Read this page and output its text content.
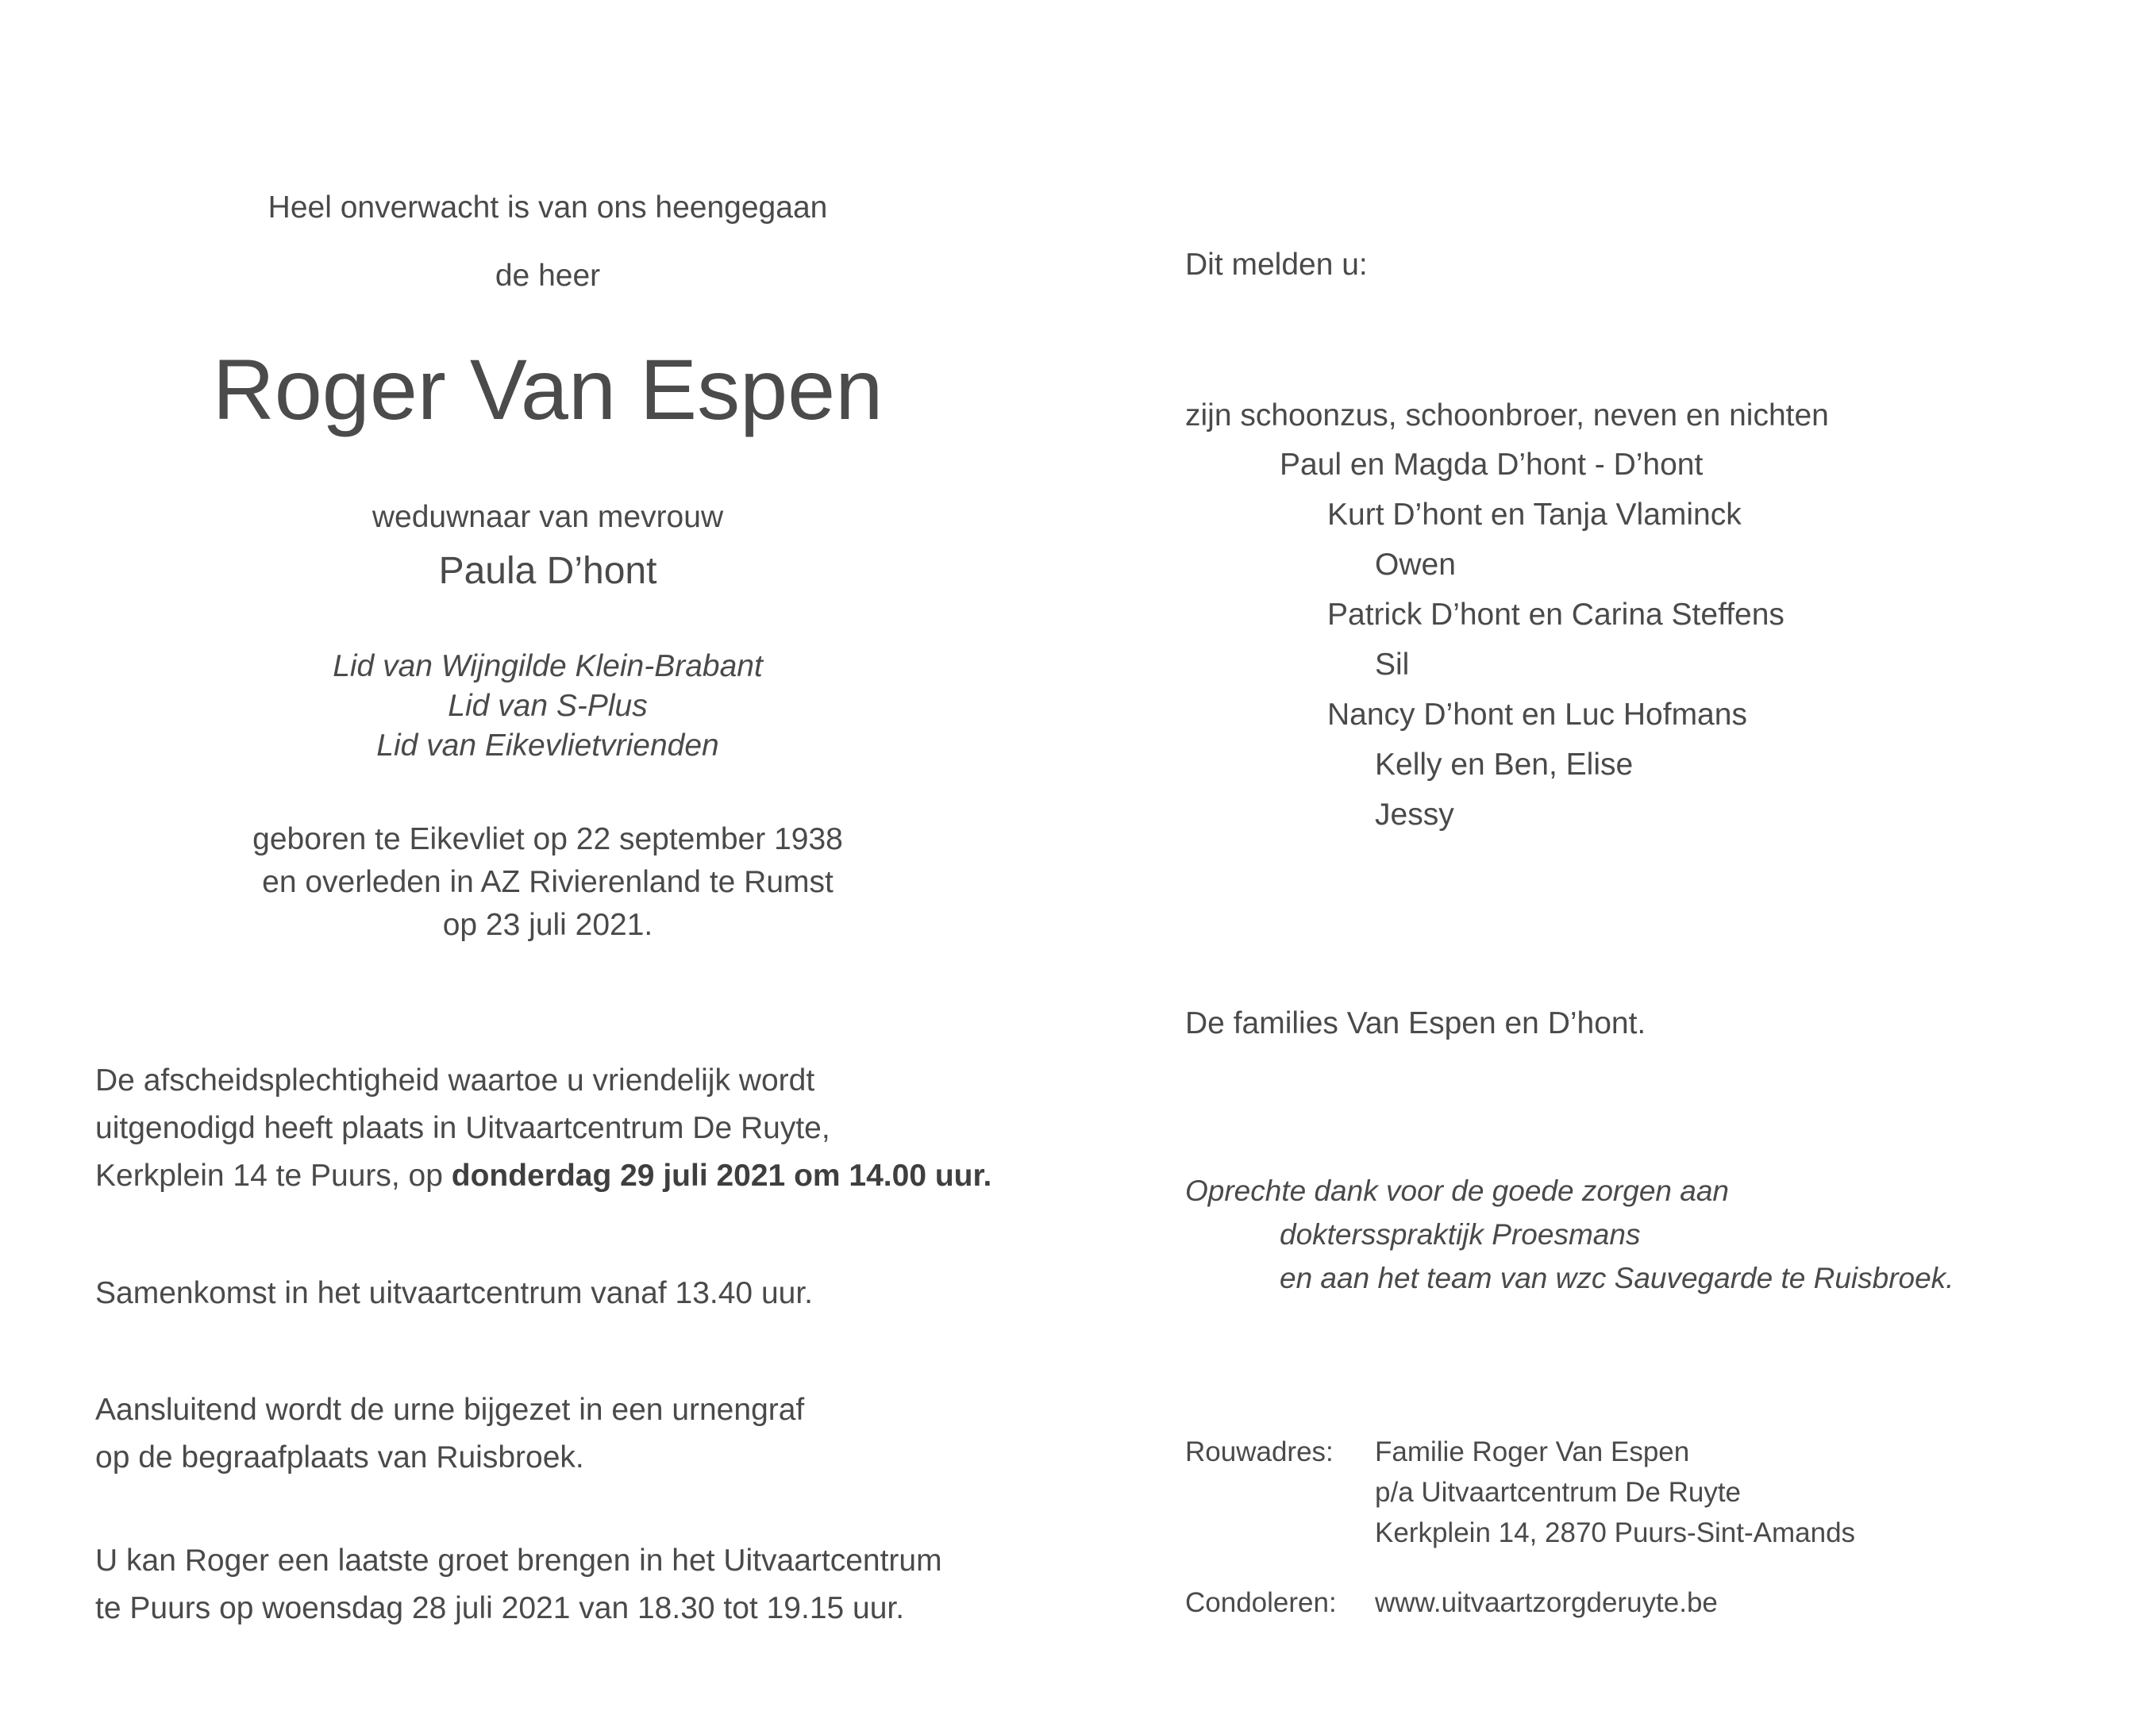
Heel onverwacht is van ons heengegaan
de heer
Roger Van Espen
weduwnaar van mevrouw
Paula D’hont
Lid van Wijngilde Klein-Brabant
Lid van S-Plus
Lid van Eikevlietvrienden
geboren te Eikevliet op 22 september 1938
en overleden in AZ Rivierenland te Rumst
op 23 juli 2021.
De afscheidsplechtigheid waartoe u vriendelijk wordt
uitgenodigd heeft plaats in Uitvaartcentrum De Ruyte,
Kerkplein 14 te Puurs, op donderdag 29 juli 2021 om 14.00 uur.
Samenkomst in het uitvaartcentrum vanaf 13.40 uur.
Aansluitend wordt de urne bijgezet in een urnengraf
op de begraafplaats van Ruisbroek.
U kan Roger een laatste groet brengen in het Uitvaartcentrum
te Puurs op woensdag 28 juli 2021 van 18.30 tot 19.15 uur.
Dit melden u:
zijn schoonzus, schoonbroer, neven en nichten
Paul en Magda D’hont - D’hont
Kurt D’hont en Tanja Vlaminck
Owen
Patrick D’hont en Carina Steffens
Sil
Nancy D’hont en Luc Hofmans
Kelly en Ben, Elise
Jessy
De families Van Espen en D’hont.
Oprechte dank voor de goede zorgen aan
doktersspraktijk Proesmans
en aan het team van wzc Sauvegarde te Ruisbroek.
Rouwadres: Familie Roger Van Espen
p/a Uitvaartcentrum De Ruyte
Kerkplein 14, 2870 Puurs-Sint-Amands
Condoleren: www.uitvaartzorgderuyte.be
